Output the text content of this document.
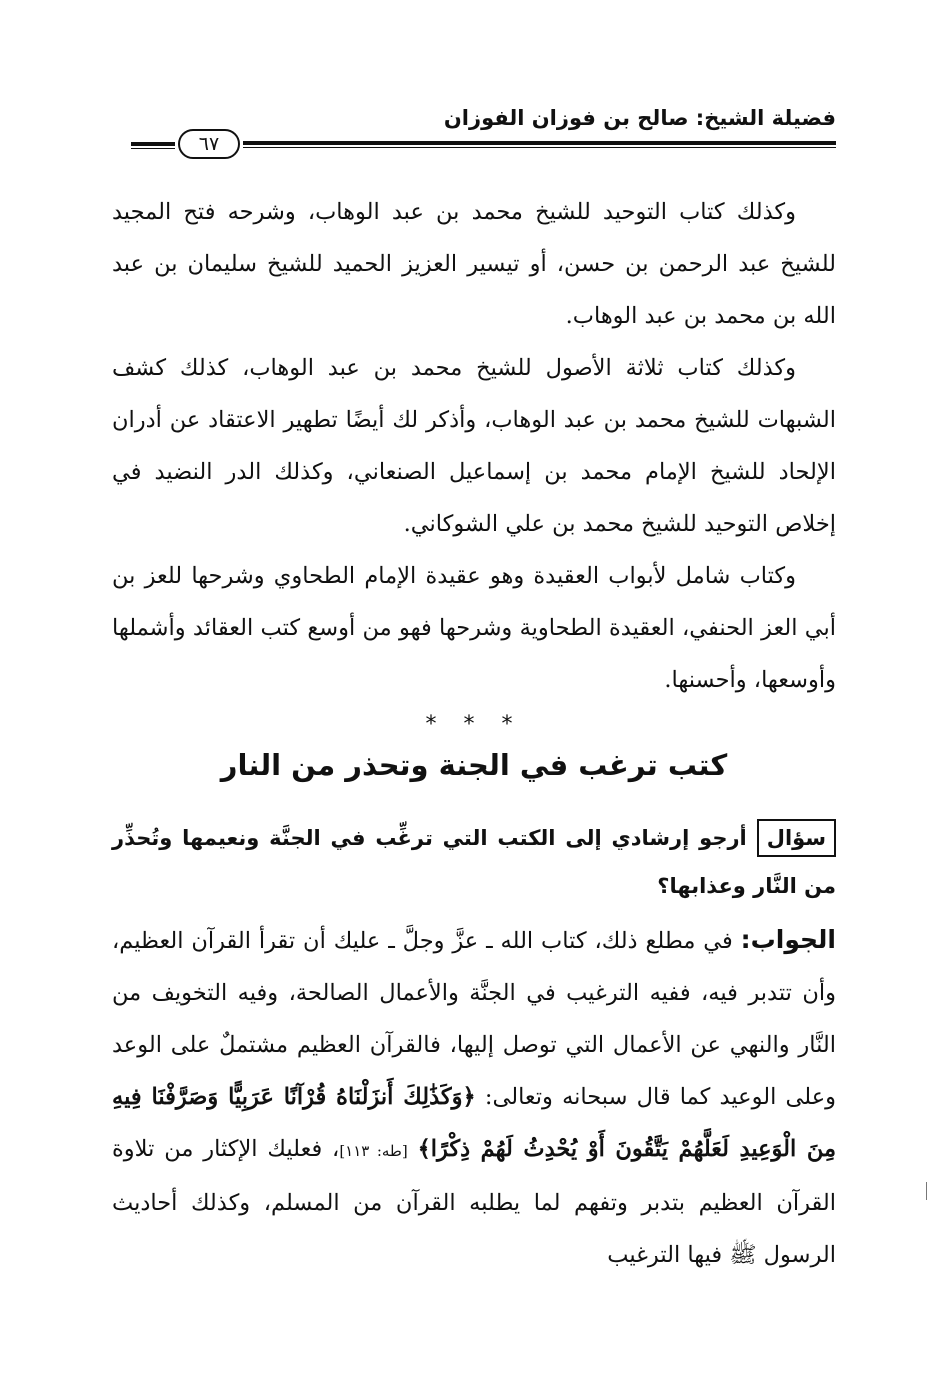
فضيلة الشيخ: صالح بن فوزان الفوزان
٦٧

وكذلك كتاب التوحيد للشيخ محمد بن عبد الوهاب، وشرحه فتح المجيد للشيخ عبد الرحمن بن حسن، أو تيسير العزيز الحميد للشيخ سليمان بن عبد الله بن محمد بن عبد الوهاب.

وكذلك كتاب ثلاثة الأصول للشيخ محمد بن عبد الوهاب، كذلك كشف الشبهات للشيخ محمد بن عبد الوهاب، وأذكر لك أيضًا تطهير الاعتقاد عن أدران الإلحاد للشيخ الإمام محمد بن إسماعيل الصنعاني، وكذلك الدر النضيد في إخلاص التوحيد للشيخ محمد بن علي الشوكاني.

وكتاب شامل لأبواب العقيدة وهو عقيدة الإمام الطحاوي وشرحها للعز بن أبي العز الحنفي، العقيدة الطحاوية وشرحها فهو من أوسع كتب العقائد وأشملها وأوسعها، وأحسنها.

* * *
كتب ترغب في الجنة وتحذر من النار
سؤالأرجو إرشادي إلى الكتب التي ترغِّب في الجنَّة ونعيمها وتُحذِّر من النَّار وعذابها؟

الجواب: في مطلع ذلك، كتاب الله ـ عزَّ وجلَّ ـ عليك أن تقرأ القرآن العظيم، وأن تتدبر فيه، ففيه الترغيب في الجنَّة والأعمال الصالحة، وفيه التخويف من النَّار والنهي عن الأعمال التي توصل إليها، فالقرآن العظيم مشتملٌ على الوعد وعلى الوعيد كما قال سبحانه وتعالى: ﴿وَكَذَٰلِكَ أَنزَلْنَاهُ قُرْآنًا عَرَبِيًّا وَصَرَّفْنَا فِيهِ مِنَ الْوَعِيدِ لَعَلَّهُمْ يَتَّقُونَ أَوْ يُحْدِثُ لَهُمْ ذِكْرًا﴾ [طه: ١١٣]، فعليك الإكثار من تلاوة القرآن العظيم بتدبر وتفهم لما يطلبه القرآن من المسلم، وكذلك أحاديث الرسول ﷺ فيها الترغيب
